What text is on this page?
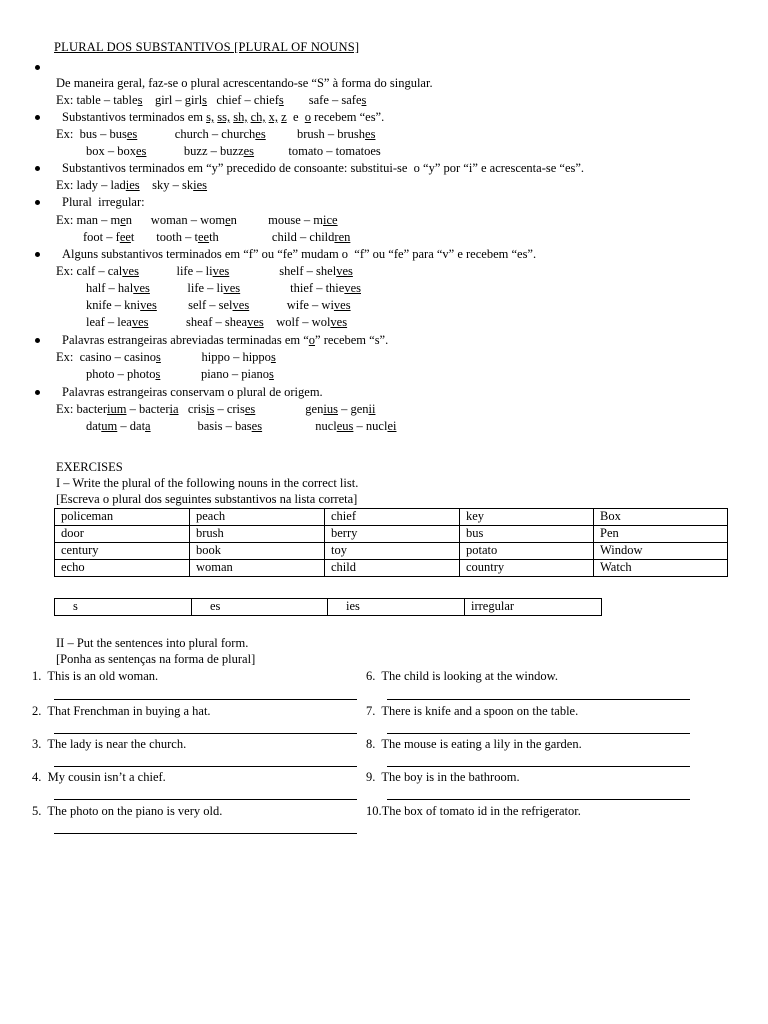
PLURAL DOS SUBSTANTIVOS [PLURAL OF NOUNS]
De maneira geral, faz-se o plural acrescentando-se “S” à forma do singular.
Ex: table – tables    girl – girls   chief – chiefs        safe – safes
Substantivos terminados em s, ss, sh, ch, x, z e o recebem “es”.
Ex:  bus – buses            church – churches          brush – brushes
box – boxes            buzz – buzzes           tomato – tomatoes
Substantivos terminados em “y” precedido de consoante: substitui-se  o “y” por “i” e acrescenta-se “es”.
Ex: lady – ladies    sky – skies
Plural  irregular:
Ex: man – men      woman – women          mouse – mice
foot – feet       tooth – teeth                 child – children
Alguns substantivos terminados em “f” ou “fe” mudam o  “f” ou “fe” para “v” e recebem “es”.
Ex: calf – calves            life – lives                shelf – shelves
half – halves            life – lives                thief – thieves
knife – knives          self – selves            wife – wives
leaf – leaves            sheaf – sheaves    wolf – wolves
Palavras estrangeiras abreviadas terminadas em “o” recebem “s”.
Ex:  casino – casinos             hippo – hippos
photo – photos             piano – pianos
Palavras estrangeiras conservam o plural de origem.
Ex: bacterium – bacteria   crisis – crises                genius – genii
datum – data               basis – bases                 nucleus – nuclei
EXERCISES
I – Write the plural of the following nouns in the correct list.
[Escreva o plural dos seguintes substantivos na lista correta]
policeman	peach	chief	key	Box
door	brush	berry	bus	Pen
century	book	toy	potato	Window
echo	woman	child	country	Watch
s	es	ies	irregular
II – Put the sentences into plural form.
[Ponha as sentenças na forma de plural]
1.  This is an old woman.
2.  That Frenchman in buying a hat.
3.  The lady is near the church.
4.  My cousin isn’t a chief.
5.  The photo on the piano is very old.
6.  The child is looking at the window.
7.  There is knife and a spoon on the table.
8.  The mouse is eating a lily in the garden.
9.  The boy is in the bathroom.
10.The box of tomato id in the refrigerator.
